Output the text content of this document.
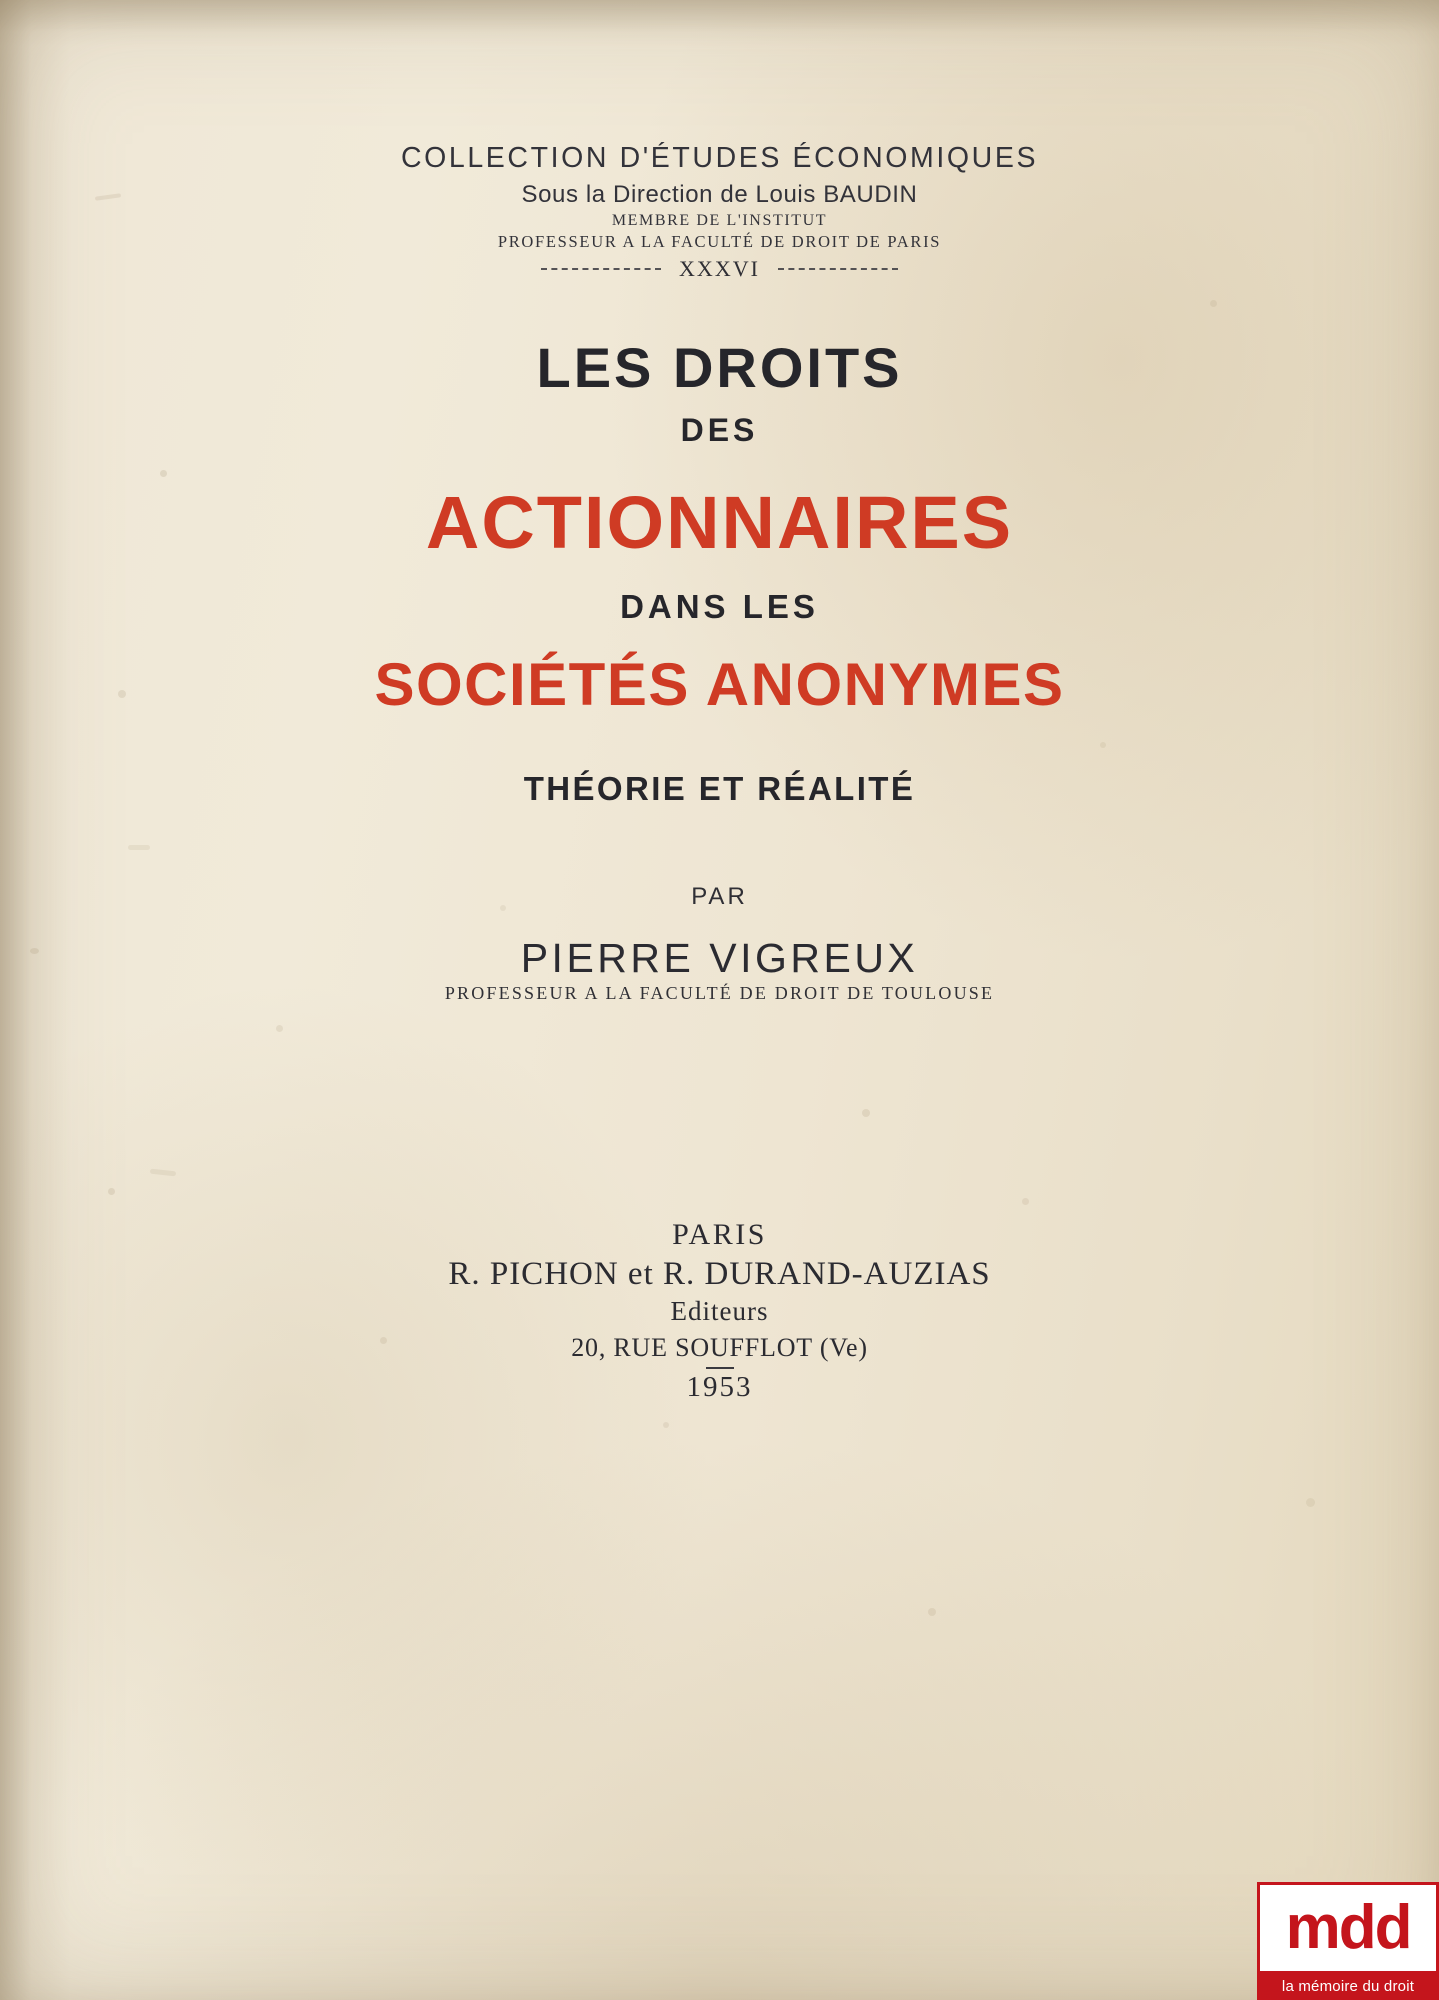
COLLECTION D'ÉTUDES ÉCONOMIQUES
Sous la Direction de Louis BAUDIN
MEMBRE DE L'INSTITUT
PROFESSEUR A LA FACULTÉ DE DROIT DE PARIS
XXXVI
LES DROITS
DES
ACTIONNAIRES
DANS LES
SOCIÉTÉS ANONYMES
THÉORIE ET RÉALITÉ
PAR
PIERRE VIGREUX
PROFESSEUR A LA FACULTÉ DE DROIT DE TOULOUSE
PARIS
R. PICHON et R. DURAND-AUZIAS
Editeurs
20, RUE SOUFFLOT (Ve)
1953
mdd
la mémoire du droit
